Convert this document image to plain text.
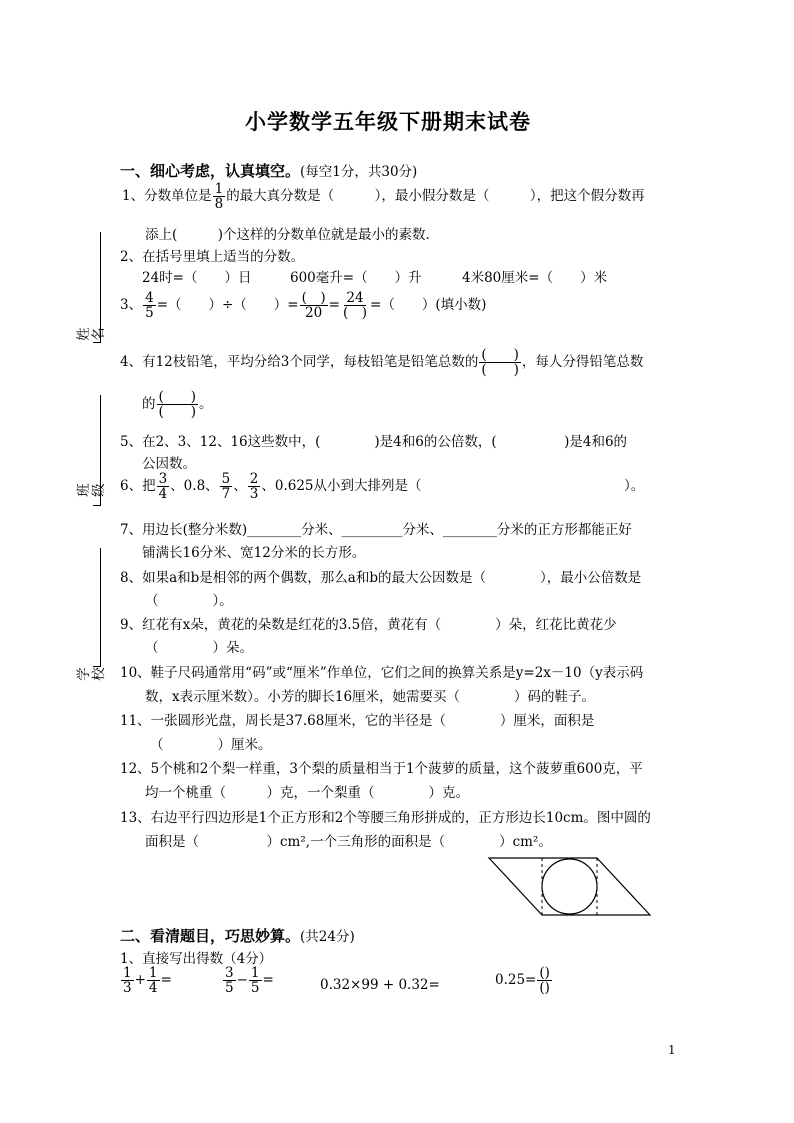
小学数学五年级下册期末试卷
姓名
班级
学校
一、细心考虑，认真填空。(每空1分，共30分)
1、分数单位是 $\frac{1}{8}$ 的最大真分数是（　　　），最小假分数是（　　　），把这个假分数再
添上(　　　)个这样的分数单位就是最小的素数.
2、在括号里填上适当的分数。
24时=（　　）日	600毫升=（　　）升	4米80厘米=（　　）米
3、 $\frac{4}{5}$ =（　　）÷（　　）= $\frac{( )}{20} = \frac{24}{( )}$ =（　　）(填小数)
4、有12枝铅笔，平均分给3个同学，每枝铅笔是铅笔总数的 $\frac{( )}{( )}$ ，每人分得铅笔总数
的 $\frac{( )}{( )}$ 。
5、在2、3、12、16这些数中，(　　　　)是4和6的公倍数，(　　　　　)是4和6的
公因数。
6、把 $\frac{3}{4}$ 、0.8、 $\frac{5}{7}$ 、 $\frac{2}{3}$ 、0.625从小到大排列是（　　　　　　　　　　　　　　　）。
7、用边长(整分米数)________分米、_________分米、________分米的正方形都能正好
铺满长16分米、宽12分米的长方形。
8、如果a和b是相邻的两个偶数，那么a和b的最大公因数是（　　　　），最小公倍数是
（　　　　）。
9、红花有x朵，黄花的朵数是红花的3.5倍，黄花有（　　　　）朵，红花比黄花少
（　　　　）朵。
10、鞋子尺码通常用“码”或“厘米”作单位，它们之间的换算关系是y=2x－10（y表示码
数，x表示厘米数）。小芳的脚长16厘米，她需要买（　　　　）码的鞋子。
11、一张圆形光盘，周长是37.68厘米，它的半径是（　　　　）厘米，面积是
（　　　　）厘米。
12、5个桃和2个梨一样重，3个梨的质量相当于1个菠萝的质量，这个菠萝重600克，平
均一个桃重（　　　）克，一个梨重（　　　　）克。
13、右边平行四边形是1个正方形和2个等腰三角形拼成的，正方形边长10cm。图中圆的
面积是（　　　　　）cm²,一个三角形的面积是（　　　　）cm²。
二、看清题目，巧思妙算。(共24分)
1、直接写出得数（4分）
$\frac{1}{3} + \frac{1}{4}$ =	$\frac{3}{5} - \frac{1}{5}$ =	0.32×99 + 0.32=	$0.25= \frac{()}{()}$
1
